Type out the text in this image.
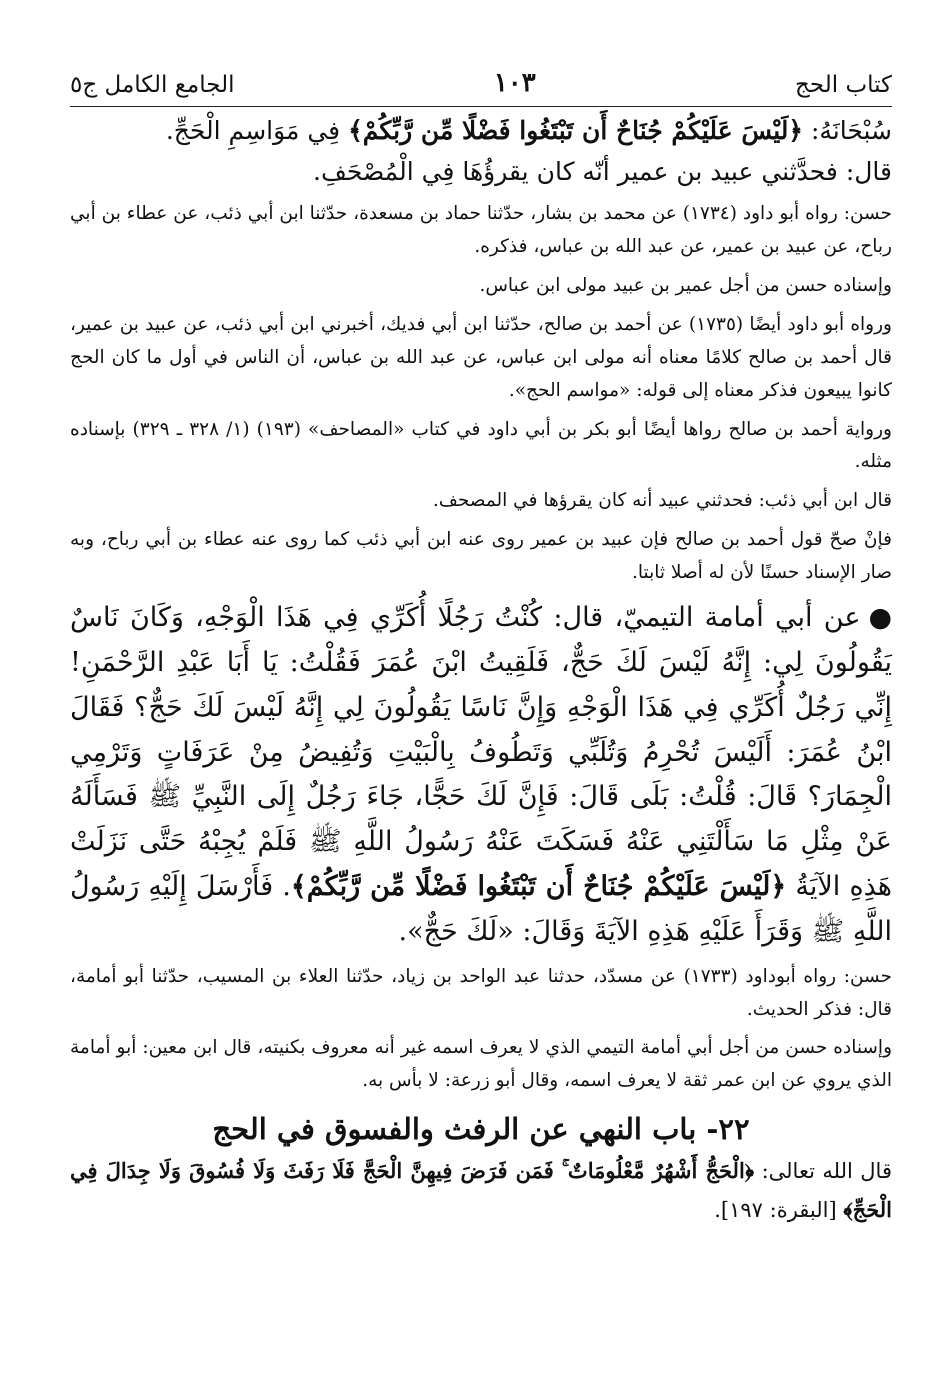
كتاب الحج
١٠٣
الجامع الكامل ج٥

سُبْحَانَهُ: ﴿لَيْسَ عَلَيْكُمْ جُنَاحٌ أَن تَبْتَغُوا فَضْلًا مِّن رَّبِّكُمْ﴾ فِي مَوَاسِمِ الْحَجِّ.

قال: فحدَّثني عبيد بن عمير أنّه كان يقرؤُهَا فِي الْمُصْحَفِ.

حسن: رواه أبو داود (١٧٣٤) عن محمد بن بشار، حدّثنا حماد بن مسعدة، حدّثنا ابن أبي ذئب، عن عطاء بن أبي رباح، عن عبيد بن عمير، عن عبد الله بن عباس، فذكره.

وإسناده حسن من أجل عمير بن عبيد مولى ابن عباس.

ورواه أبو داود أيضًا (١٧٣٥) عن أحمد بن صالح، حدّثنا ابن أبي فديك، أخبرني ابن أبي ذئب، عن عبيد بن عمير، قال أحمد بن صالح كلامًا معناه أنه مولى ابن عباس، عن عبد الله بن عباس، أن الناس في أول ما كان الحج كانوا يبيعون فذكر معناه إلى قوله: «مواسم الحج».

ورواية أحمد بن صالح رواها أيضًا أبو بكر بن أبي داود في كتاب «المصاحف» (١٩٣) (١/ ٣٢٨ ـ ٣٢٩) بإسناده مثله.

قال ابن أبي ذئب: فحدثني عبيد أنه كان يقرؤها في المصحف.

فإنْ صحّ قول أحمد بن صالح فإن عبيد بن عمير روى عنه ابن أبي ذئب كما روى عنه عطاء بن أبي رباح، وبه صار الإسناد حسنًا لأن له أصلا ثابتا.

●عن أبي أمامة التيميّ، قال: كُنْتُ رَجُلًا أُكَرِّي فِي هَذَا الْوَجْهِ، وَكَانَ نَاسٌ يَقُولُونَ لِي: إِنَّهُ لَيْسَ لَكَ حَجٌّ، فَلَقِيتُ ابْنَ عُمَرَ فَقُلْتُ: يَا أَبَا عَبْدِ الرَّحْمَنِ! إِنِّي رَجُلٌ أُكَرِّي فِي هَذَا الْوَجْهِ وَإِنَّ نَاسًا يَقُولُونَ لِي إِنَّهُ لَيْسَ لَكَ حَجٌّ؟ فَقَالَ ابْنُ عُمَرَ: أَلَيْسَ تُحْرِمُ وَتُلَبِّي وَتَطُوفُ بِالْبَيْتِ وَتُفِيضُ مِنْ عَرَفَاتٍ وَتَرْمِي الْجِمَارَ؟ قَالَ: قُلْتُ: بَلَى قَالَ: فَإِنَّ لَكَ حَجًّا، جَاءَ رَجُلٌ إِلَى النَّبِيِّ ﷺ فَسَأَلَهُ عَنْ مِثْلِ مَا سَأَلْتَنِي عَنْهُ فَسَكَتَ عَنْهُ رَسُولُ اللَّهِ ﷺ فَلَمْ يُجِبْهُ حَتَّى نَزَلَتْ هَذِهِ الآيَةُ ﴿لَيْسَ عَلَيْكُمْ جُنَاحٌ أَن تَبْتَغُوا فَضْلًا مِّن رَّبِّكُمْ﴾. فَأَرْسَلَ إِلَيْهِ رَسُولُ اللَّهِ ﷺ وَقَرَأَ عَلَيْهِ هَذِهِ الآيَةَ وَقَالَ: «لَكَ حَجٌّ».

حسن: رواه أبوداود (١٧٣٣) عن مسدّد، حدثنا عبد الواحد بن زياد، حدّثنا العلاء بن المسيب، حدّثنا أبو أمامة، قال: فذكر الحديث.

وإسناده حسن من أجل أبي أمامة التيمي الذي لا يعرف اسمه غير أنه معروف بكنيته، قال ابن معين: أبو أمامة الذي يروي عن ابن عمر ثقة لا يعرف اسمه، وقال أبو زرعة: لا بأس به.

٢٢- باب النهي عن الرفث والفسوق في الحج

قال الله تعالى: ﴿الْحَجُّ أَشْهُرٌ مَّعْلُومَاتٌ ۚ فَمَن فَرَضَ فِيهِنَّ الْحَجَّ فَلَا رَفَثَ وَلَا فُسُوقَ وَلَا جِدَالَ فِي الْحَجِّ﴾ [البقرة: ١٩٧].
